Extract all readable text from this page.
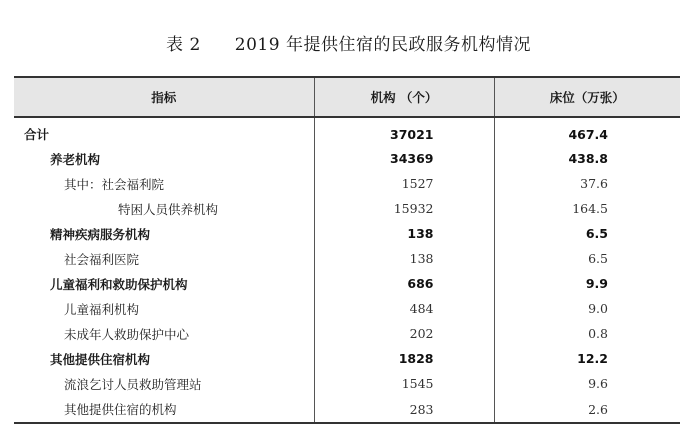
表 2 2019 年提供住宿的民政服务机构情况
指标	机构 （个）	床位（万张）
合计	37021	467.4
养老机构	34369	438.8
其中：社会福利院	1527	37.6
特困人员供养机构	15932	164.5
精神疾病服务机构	138	6.5
社会福利医院	138	6.5
儿童福利和救助保护机构	686	9.9
儿童福利机构	484	9.0
未成年人救助保护中心	202	0.8
其他提供住宿机构	1828	12.2
流浪乞讨人员救助管理站	1545	9.6
其他提供住宿的机构	283	2.6
